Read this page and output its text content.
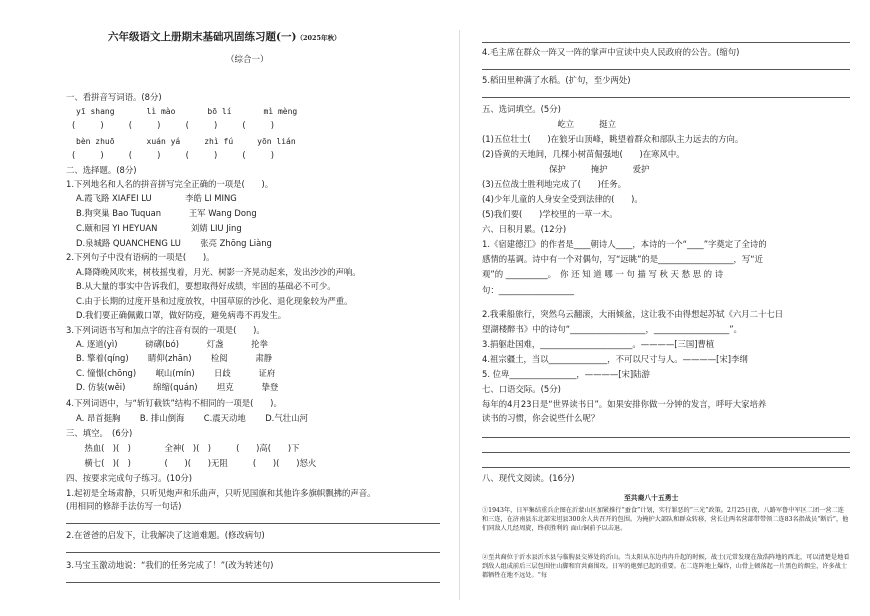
六年级语文上册期末基础巩固练习题(一)（2025年秋）
（综合一）
一、看拼音写词语。(8分)
yī shang　　　　lì mào　　　　bō lí　　　　mì mèng
(　　　)　　　(　　　)　　　(　　　)　　　(　　　)
bèn zhuō　　　　xuán yá　　　zhì fú　　　yōn lián
(　　　)　　　(　　　)　　　(　　　)　　　(　　　)
二、选择题。(8分)
1.下列地名和人名的拼音拼写完全正确的一项是(　　)。
A.霞飞路 XIAFEI LU　　　　李皓 LI MING
B.狗突巢 Bao Tuquan　　　 王军 Wang Dong
C.颐和园 YI HEYUAN　　　　刘婧 LIU Jing
D.泉城路 QUANCHENG LU　　 张亮 Zhōng Liàng
2.下列句子中没有语病的一项是(　　)。
A.降降晚风吹来，树枝摇曳着，月光、树影一齐晃动起来，发出沙沙的声响。
B.从大量的事实中告诉我们，要想取得好成绩，牢固的基础必不可少。
C.由于长期的过度开垦和过度放牧，中国草原的沙化、退化现象较为严重。
D.我们要正确佩戴口罩，做好防疫，避免病毒不再发生。
3.下列词语书写和加点字的注音有误的一项是(　　)。
A. 逐道(yì)　　　 磅礴(bó)　　　 灯盏　　　 抡拳
B. 擎着(qíng)　　 睛仰(zhān)　　 检阅　　　 肃静
C. 憧憬(chōng)　　 岷山(mín)　　 日歧　　　 证府
D. 仿装(wěi)　　　 绵缩(quán)　　 坦克　　　 挚登
4.下列词语中，与“斩钉截铁”结构不相同的一项是(　　)。
A. 昂首挺胸　　 B. 排山倒海　　 C.震天动地　　 D.气壮山河
三、填空。　(6分)
　热血(　)(　)　　　　全神(　)(　)　　　(　　)高(　　)下
　横七(　)(　)　　　　(　　)(　　)无阻　　　(　　)(　　)怒火
四、按要求完成句子练习。(10分)
1.起初是全场肃静，只听见炮声和乐曲声，只听见国旗和其他许多旗帜飘拂的声音。
(用相同的修辞手法仿写一句话)
2.在爸爸的启发下，让我解决了这道难题。(修改病句)
3.马宝玉激动地说：“我们的任务完成了！”(改为转述句)
4.毛主席在群众一阵又一阵的掌声中宣读中央人民政府的公告。(缩句)
5.稻田里种满了水稻。(扩句，至少两处)
五、选词填空。(5分)
　　　　　　　　　屹立　　　挺立
(1)五位壮士(　　)在狼牙山顶峰，眺望着群众和部队主力远去的方向。
(2)昏黄的天地间，几棵小树苗倔强地(　　)在寒风中。
　　　　　　　　保护　　　掩护　　　爱护
(3)五位战士胜利地完成了(　　)任务。
(4)少年儿童的人身安全受到法律的(　　)。
(5)我们要(　　)学校里的一草一木。
六、日积月累。(12分)
1.《宿建德江》的作者是____朝诗人____，本诗的一个“____”字奠定了全诗的
感情的基调。诗中有一个对偶句，写“远眺”的是__________________，写“近
观”的 __________。　你 还 知 道 哪 一 句 描 写 秋 天 愁 思 的 诗
句：__________________
2.我乘船旅行，突然乌云翻滚，大雨倾盆，这让我不由得想起苏轼《六月二十七日
望湖楼醉书》中的诗句“__________________，__________________”。
3.捐躯赴国难，______________________。————[三国]曹植
4.祖宗疆土，当以______________，不可以尺寸与人。————[宋]李纲
5. 位卑________________，————[宋]陆游
七、口语交际。(5分)
每年的4月23日是“世界读书日”。如果安排你做一分钟的发言，呼吁大家培养
读书的习惯，你会说些什么呢？
八、现代文阅读。(16分)
至共裔八十五勇士
①1943年，日军集结重兵企图在沂蒙山区加紧推行“蚕食”计划，实行罪恶的“三光”政策。2月25日夜，八路军鲁中军区二团一营二连和三连，在济南县东北部宋坦县300余人共召开的包围。为掩护大部队和群众转移，营长让两名营部带带领二连83名指战员“断后”，他们同敌人几经周旋，终获胜利的 面山铜前予以击退。
②至共裔位于沂水县沂水县与临朐县交界处的沂山。当太阳从东边冉冉升起的时候，战士(元常发现在敌浩阵地的西北，可以清楚是地看到敌人组成前后三层包围住山脚和宫共裔围攻。日军的炮弹已起的重要。在二连阵地上爆炸，山骨上顿落起一片黑色的烟尘，许多战士都牺牲在地不远处。“每
